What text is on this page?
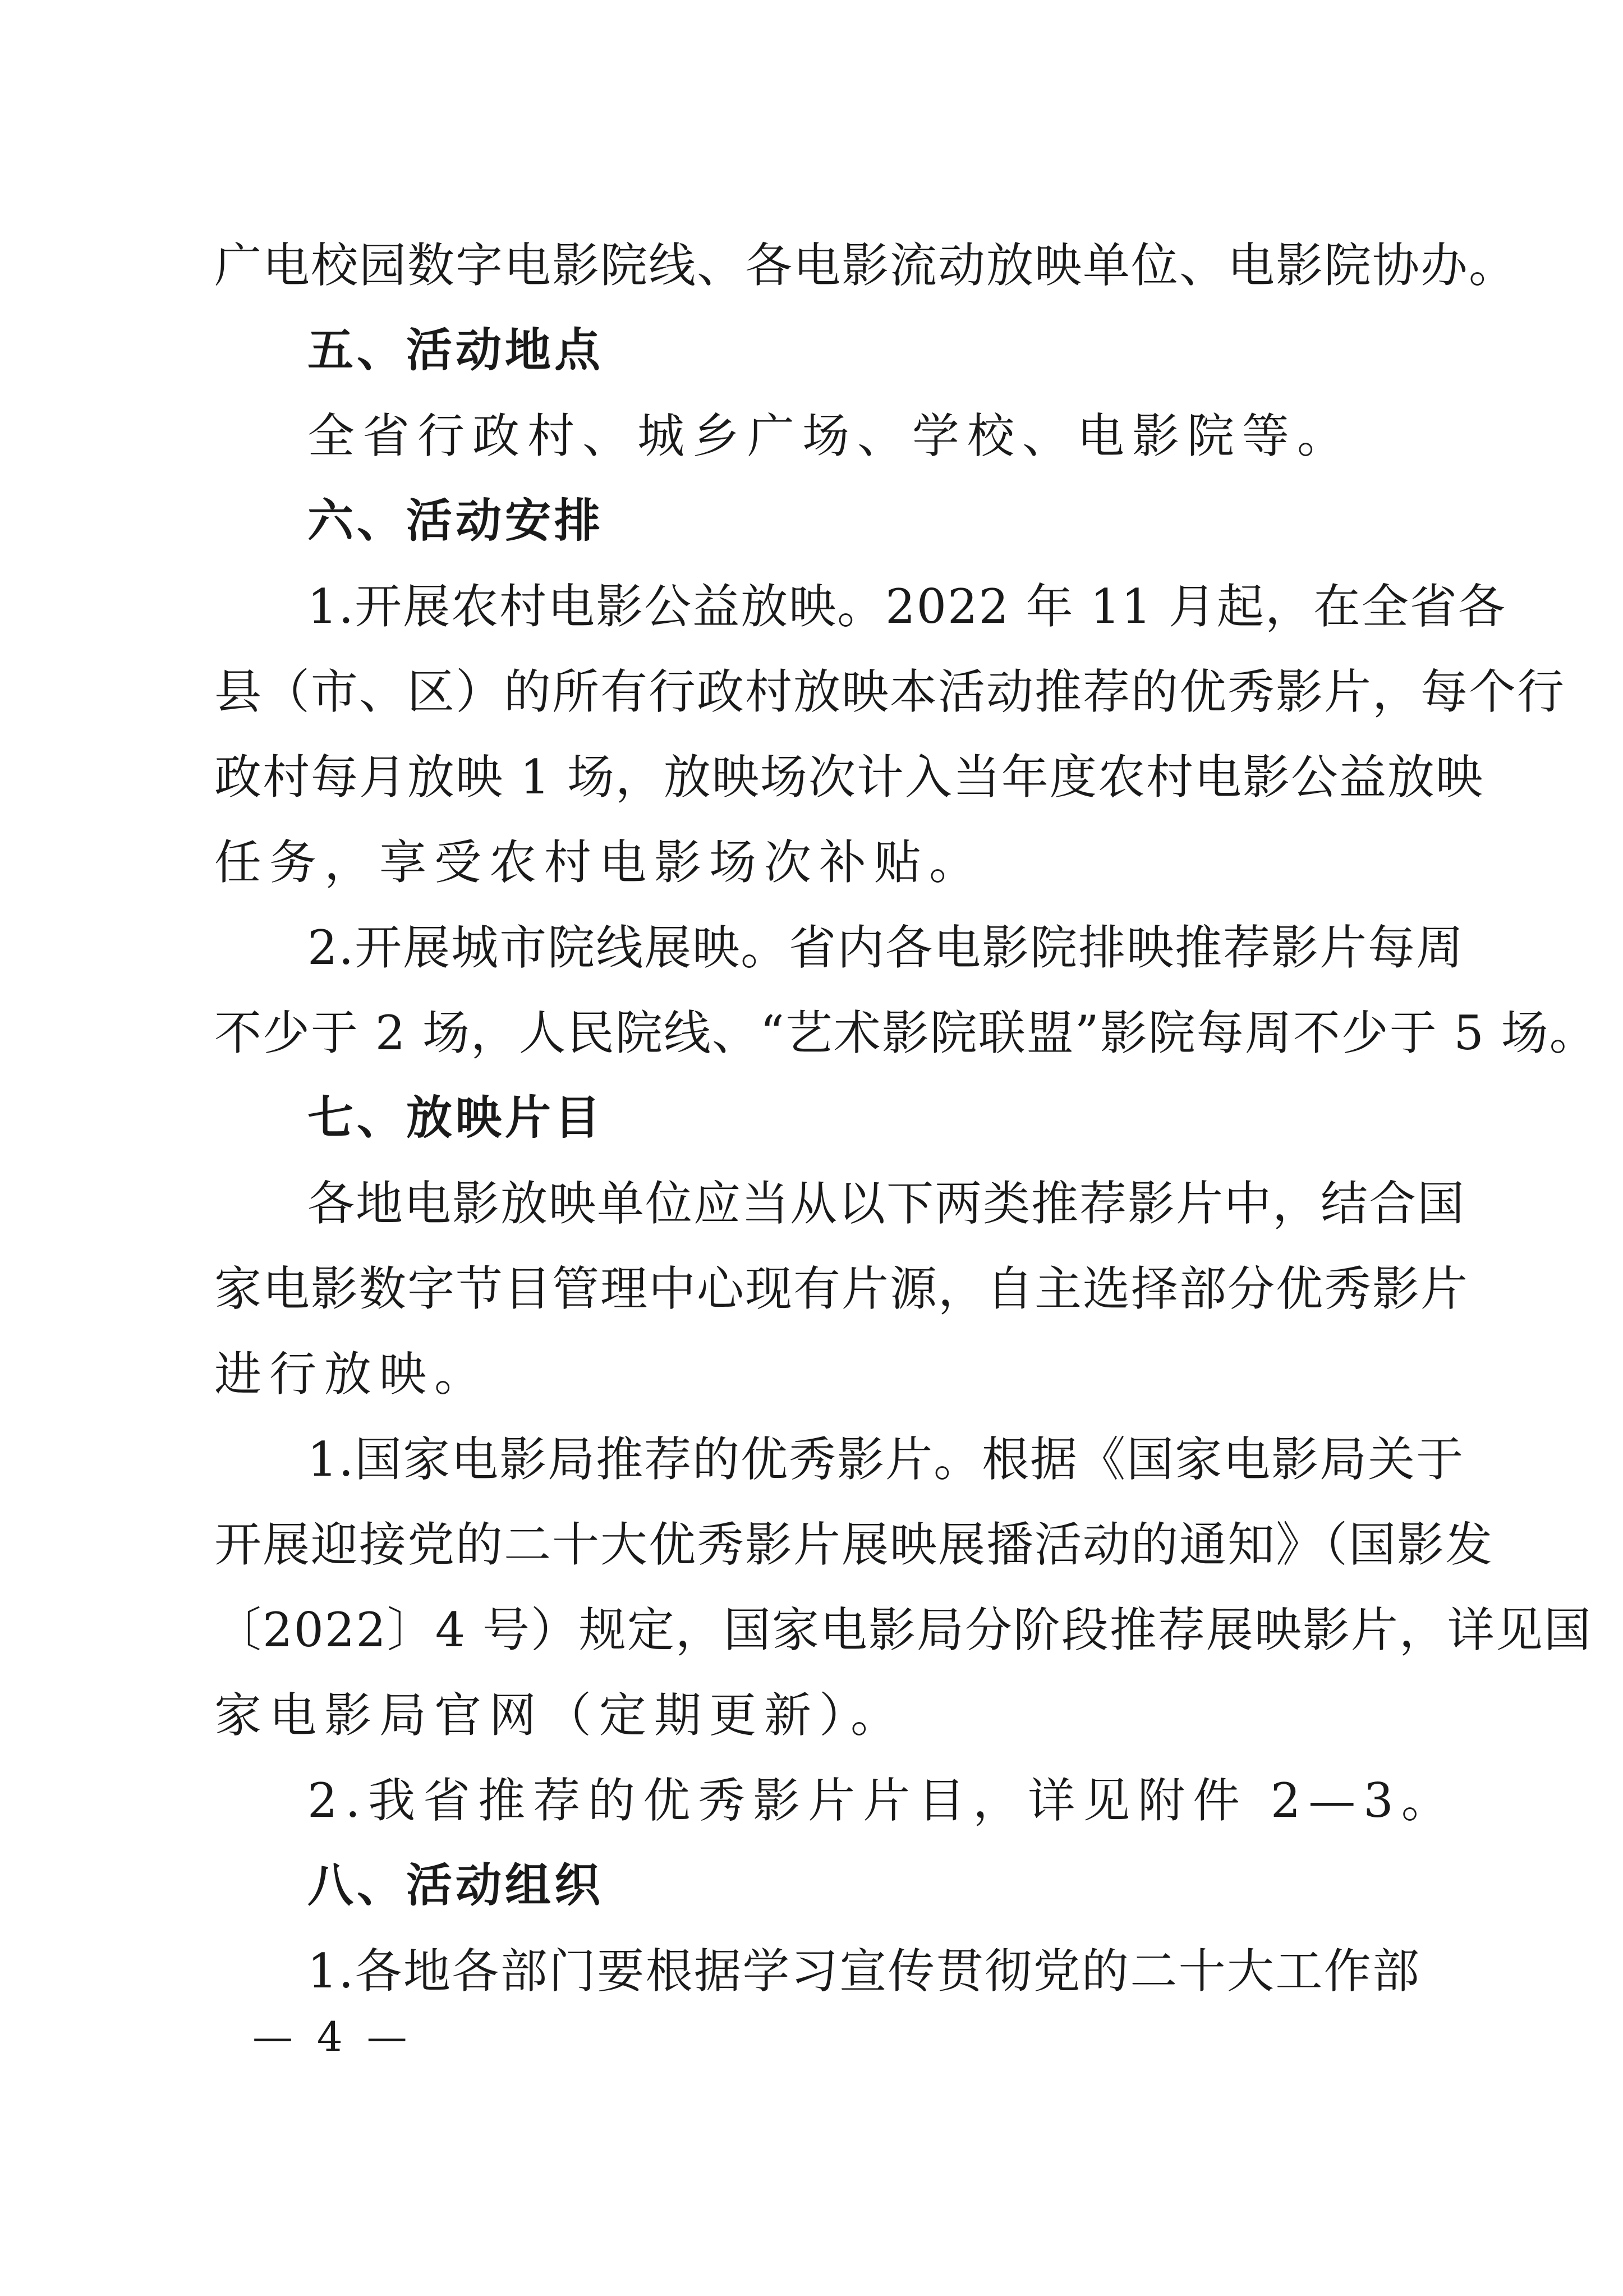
广电校园数字电影院线、各电影流动放映单位、电影院协办。
五、活动地点
全省行政村、城乡广场、学校、电影院等。
六、活动安排
1.开展农村电影公益放映。2022 年 11 月起，在全省各
县（市、区）的所有行政村放映本活动推荐的优秀影片，每个行
政村每月放映 1 场，放映场次计入当年度农村电影公益放映
任务，享受农村电影场次补贴。
2.开展城市院线展映。省内各电影院排映推荐影片每周
不少于 2 场，人民院线、“艺术影院联盟”影院每周不少于 5 场。
七、放映片目
各地电影放映单位应当从以下两类推荐影片中，结合国
家电影数字节目管理中心现有片源，自主选择部分优秀影片
进行放映。
1.国家电影局推荐的优秀影片。根据《国家电影局关于
开展迎接党的二十大优秀影片展映展播活动的通知》（国影发
〔2022〕4 号）规定，国家电影局分阶段推荐展映影片，详见国
家电影局官网（定期更新）。
2.我省推荐的优秀影片片目，详见附件 2—3。
八、活动组织
1.各地各部门要根据学习宣传贯彻党的二十大工作部
— 4 —
